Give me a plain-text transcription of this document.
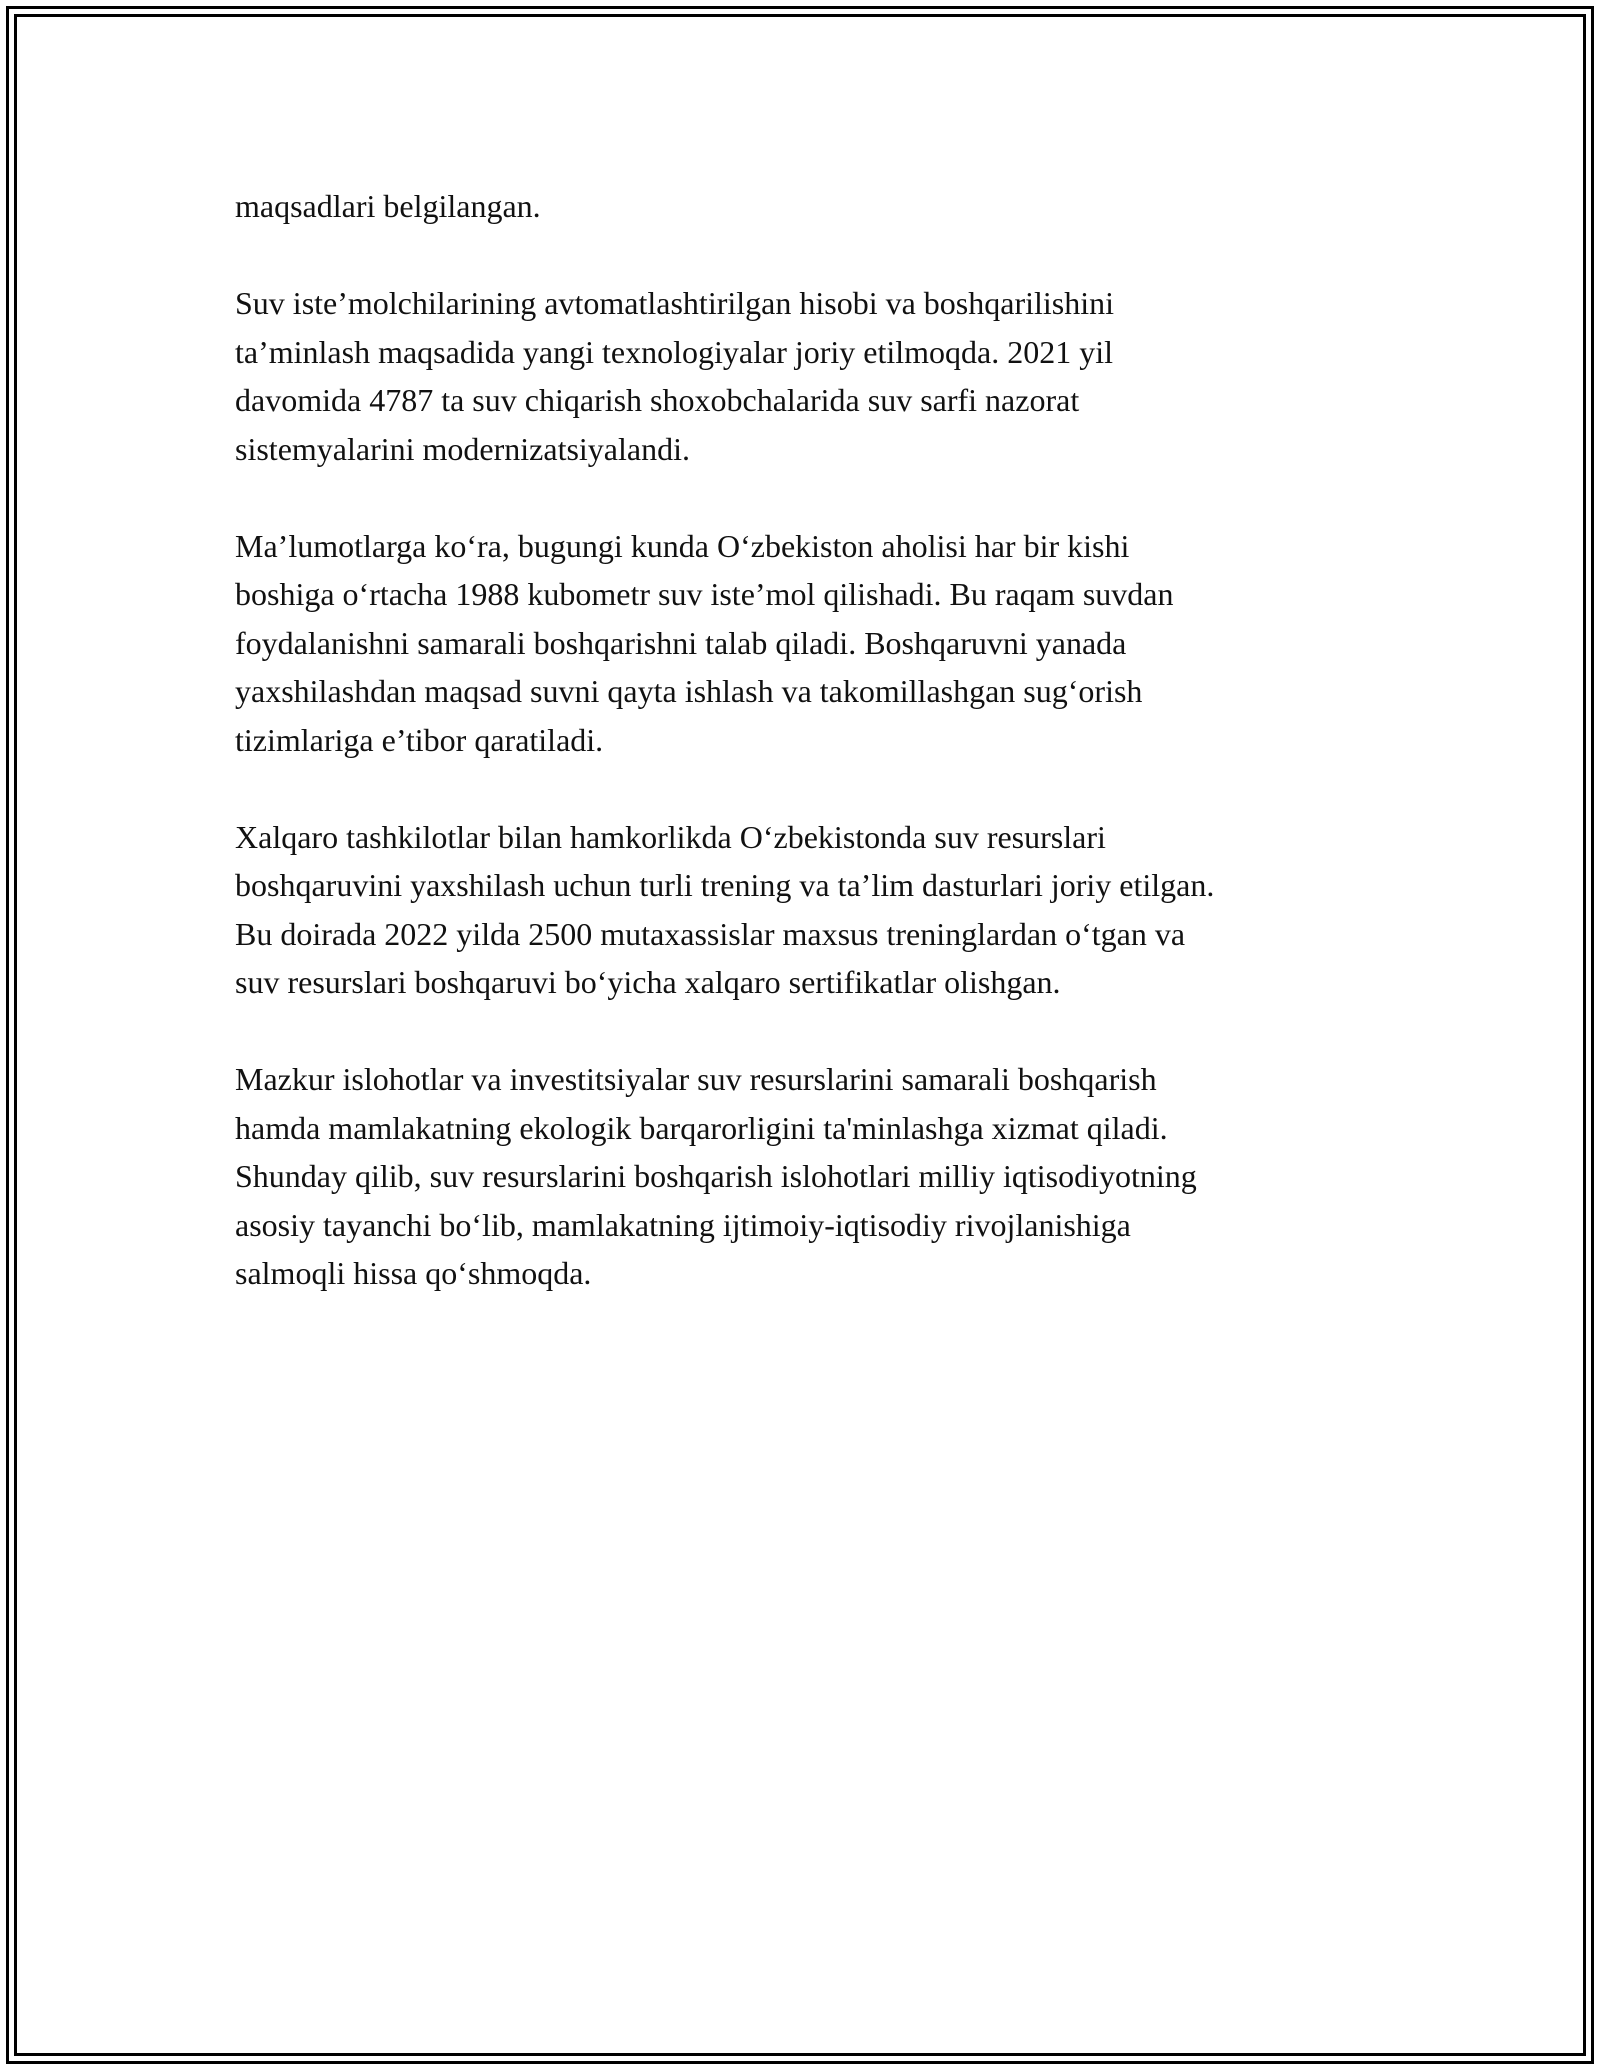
maqsadlari belgilangan.

Suv iste’molchilarining avtomatlashtirilgan hisobi va boshqarilishini
ta’minlash maqsadida yangi texnologiyalar joriy etilmoqda. 2021 yil
davomida 4787 ta suv chiqarish shoxobchalarida suv sarfi nazorat
sistemyalarini modernizatsiyalandi.

Ma’lumotlarga ko‘ra, bugungi kunda O‘zbekiston aholisi har bir kishi
boshiga o‘rtacha 1988 kubometr suv iste’mol qilishadi. Bu raqam suvdan
foydalanishni samarali boshqarishni talab qiladi. Boshqaruvni yanada
yaxshilashdan maqsad suvni qayta ishlash va takomillashgan sug‘orish
tizimlariga e’tibor qaratiladi.

Xalqaro tashkilotlar bilan hamkorlikda O‘zbekistonda suv resurslari
boshqaruvini yaxshilash uchun turli trening va ta’lim dasturlari joriy etilgan.
Bu doirada 2022 yilda 2500 mutaxassislar maxsus treninglardan o‘tgan va
suv resurslari boshqaruvi bo‘yicha xalqaro sertifikatlar olishgan.

Mazkur islohotlar va investitsiyalar suv resurslarini samarali boshqarish
hamda mamlakatning ekologik barqarorligini ta'minlashga xizmat qiladi.
Shunday qilib, suv resurslarini boshqarish islohotlari milliy iqtisodiyotning
asosiy tayanchi bo‘lib, mamlakatning ijtimoiy-iqtisodiy rivojlanishiga
salmoqli hissa qo‘shmoqda.
